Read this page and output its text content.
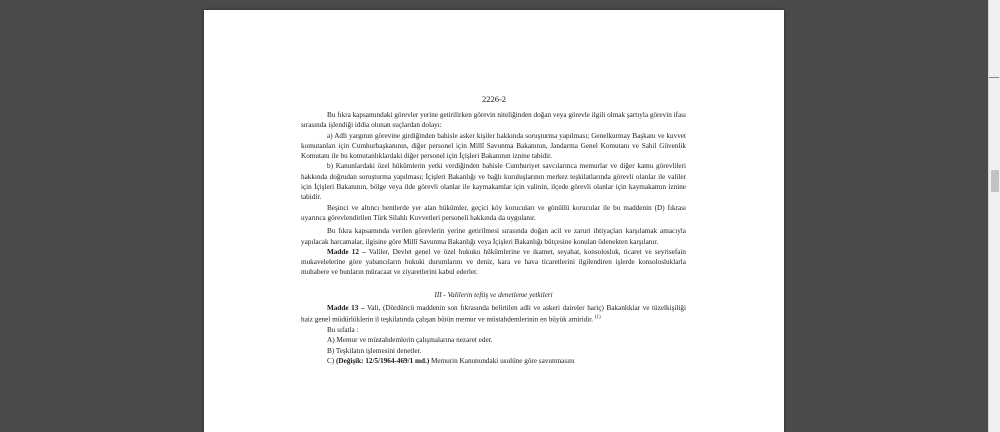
2226-2

Bu fıkra kapsamındaki görevler yerine getirilirken görevin niteliğinden doğan veya görevle ilgili olmak şartıyla görevin ifası sırasında işlendiği iddia olunan suçlardan dolayı:

a) Adli yargının görevine girdiğinden bahisle asker kişiler hakkında soruşturma yapılması; Genelkurmay Başkanı ve kuvvet komutanları için Cumhurbaşkanının, diğer personel için Millî Savunma Bakanının, Jandarma Genel Komutanı ve Sahil Güvenlik Komutanı ile bu komutanlıklardaki diğer personel için İçişleri Bakanının iznine tabidir.

b) Kanunlardaki özel hükümlerin yetki verdiğinden bahisle Cumhuriyet savcılarınca memurlar ve diğer kamu görevlileri hakkında doğrudan soruşturma yapılması; İçişleri Bakanlığı ve bağlı kuruluşlarının merkez teşkilatlarında görevli olanlar ile valiler için İçişleri Bakanının, bölge veya ilde görevli olanlar ile kaymakamlar için valinin, ilçede görevli olanlar için kaymakamın iznine tabidir.

Beşinci ve altıncı bentlerde yer alan hükümler, geçici köy korucuları ve gönüllü korucular ile bu maddenin (D) fıkrası uyarınca görevlendirilen Türk Silahlı Kuvvetleri personeli hakkında da uygulanır.

Bu fıkra kapsamında verilen görevlerin yerine getirilmesi sırasında doğan acil ve zaruri ihtiyaçları karşılamak amacıyla yapılacak harcamalar, ilgisine göre Millî Savunma Bakanlığı veya İçişleri Bakanlığı bütçesine konulan ödenekten karşılanır.

Madde 12 – Valiler, Devlet genel ve özel hukuku hükümlerine ve ikamet, seyahat, konsolosluk, ticaret ve seyrisefain mukavelelerine göre yabancıların hukuki durumlarını ve deniz, kara ve hava ticaretlerini ilgilendiren işlerde konsolosluklarla muhabere ve bunların müracaat ve ziyaretlerini kabul ederler.

III - Valilerin teftiş ve denetleme yetkileri

Madde 13 – Vali, (Dördüncü maddenin son fıkrasında belirtilen adli ve askeri daireler hariç) Bakanlıklar ve tüzelkişiliği haiz genel müdürlüklerin il teşkilatında çalışan bütün memur ve müstahdemlerinin en büyük amiridir. $^{(1)}$

Bu sıfatla :

A) Memur ve müstahdemlerin çalışmalarına nezaret eder.

B) Teşkilatın işlemesini denetler.

C) (Değişik: 12/5/1964-469/1 md.) Memurin Kanunundaki usulüne göre savunmasını
